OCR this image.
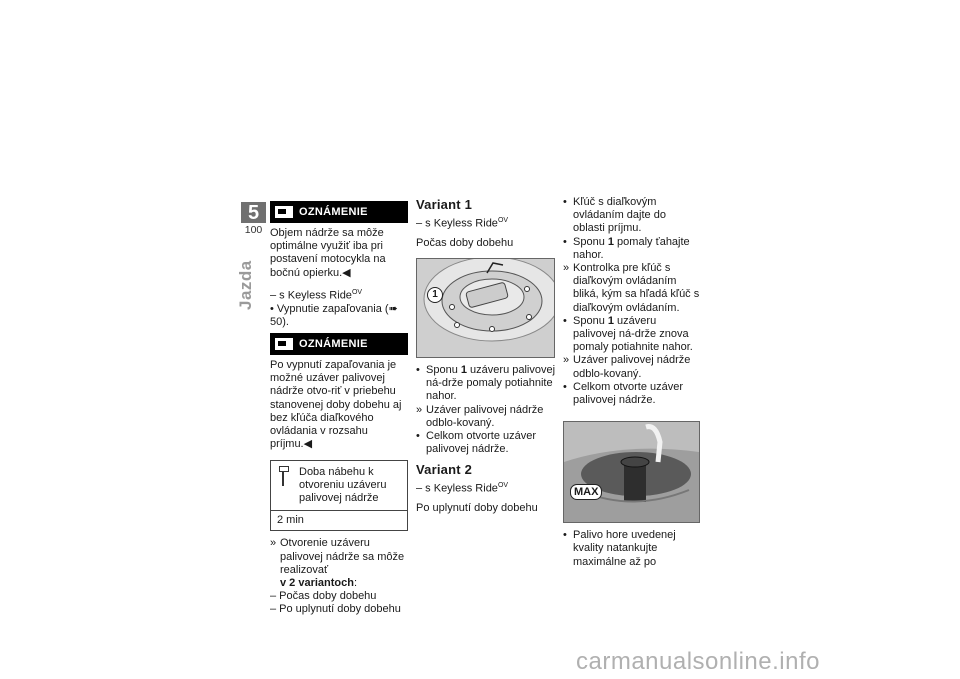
5
100
Jazda
OZNÁMENIE

Objem nádrže sa môže optimálne využiť iba pri postavení motocykla na bočnú opierku.◀

– s Keyless Ride$^{OV}$

• Vypnutie zapaľovania (➠ 50).

OZNÁMENIE

Po vypnutí zapaľovania je možné uzáver palivovej nádrže otvo-riť v priebehu stanovenej doby dobehu aj bez kľúča diaľkového ovládania v rozsahu príjmu.◀

Doba nábehu k otvoreniu uzáveru palivovej nádrže
2 min

» Otvorenie uzáveru palivovej nádrže sa môže realizovať
v 2 variantoch:

– Počas doby dobehu

– Po uplynutí doby dobehu

Variant 1

– s Keyless Ride$^{OV}$

Počas doby dobehu

1

• Sponu 1 uzáveru palivovej ná-drže pomaly potiahnite nahor.

» Uzáver palivovej nádrže odblo-kovaný.

• Celkom otvorte uzáver palivovej nádrže.

Variant 2

– s Keyless Ride$^{OV}$

Po uplynutí doby dobehu

• Kľúč s diaľkovým ovládaním dajte do oblasti príjmu.

• Sponu 1 pomaly ťahajte nahor.

» Kontrolka pre kľúč s diaľkovým ovládaním bliká, kým sa hľadá kľúč s diaľkovým ovládaním.

• Sponu 1 uzáveru palivovej ná-drže znova pomaly potiahnite nahor.

» Uzáver palivovej nádrže odblo-kovaný.

• Celkom otvorte uzáver palivovej nádrže.

MAX

• Palivo hore uvedenej kvality natankujte maximálne až po

carmanualsonline.info
